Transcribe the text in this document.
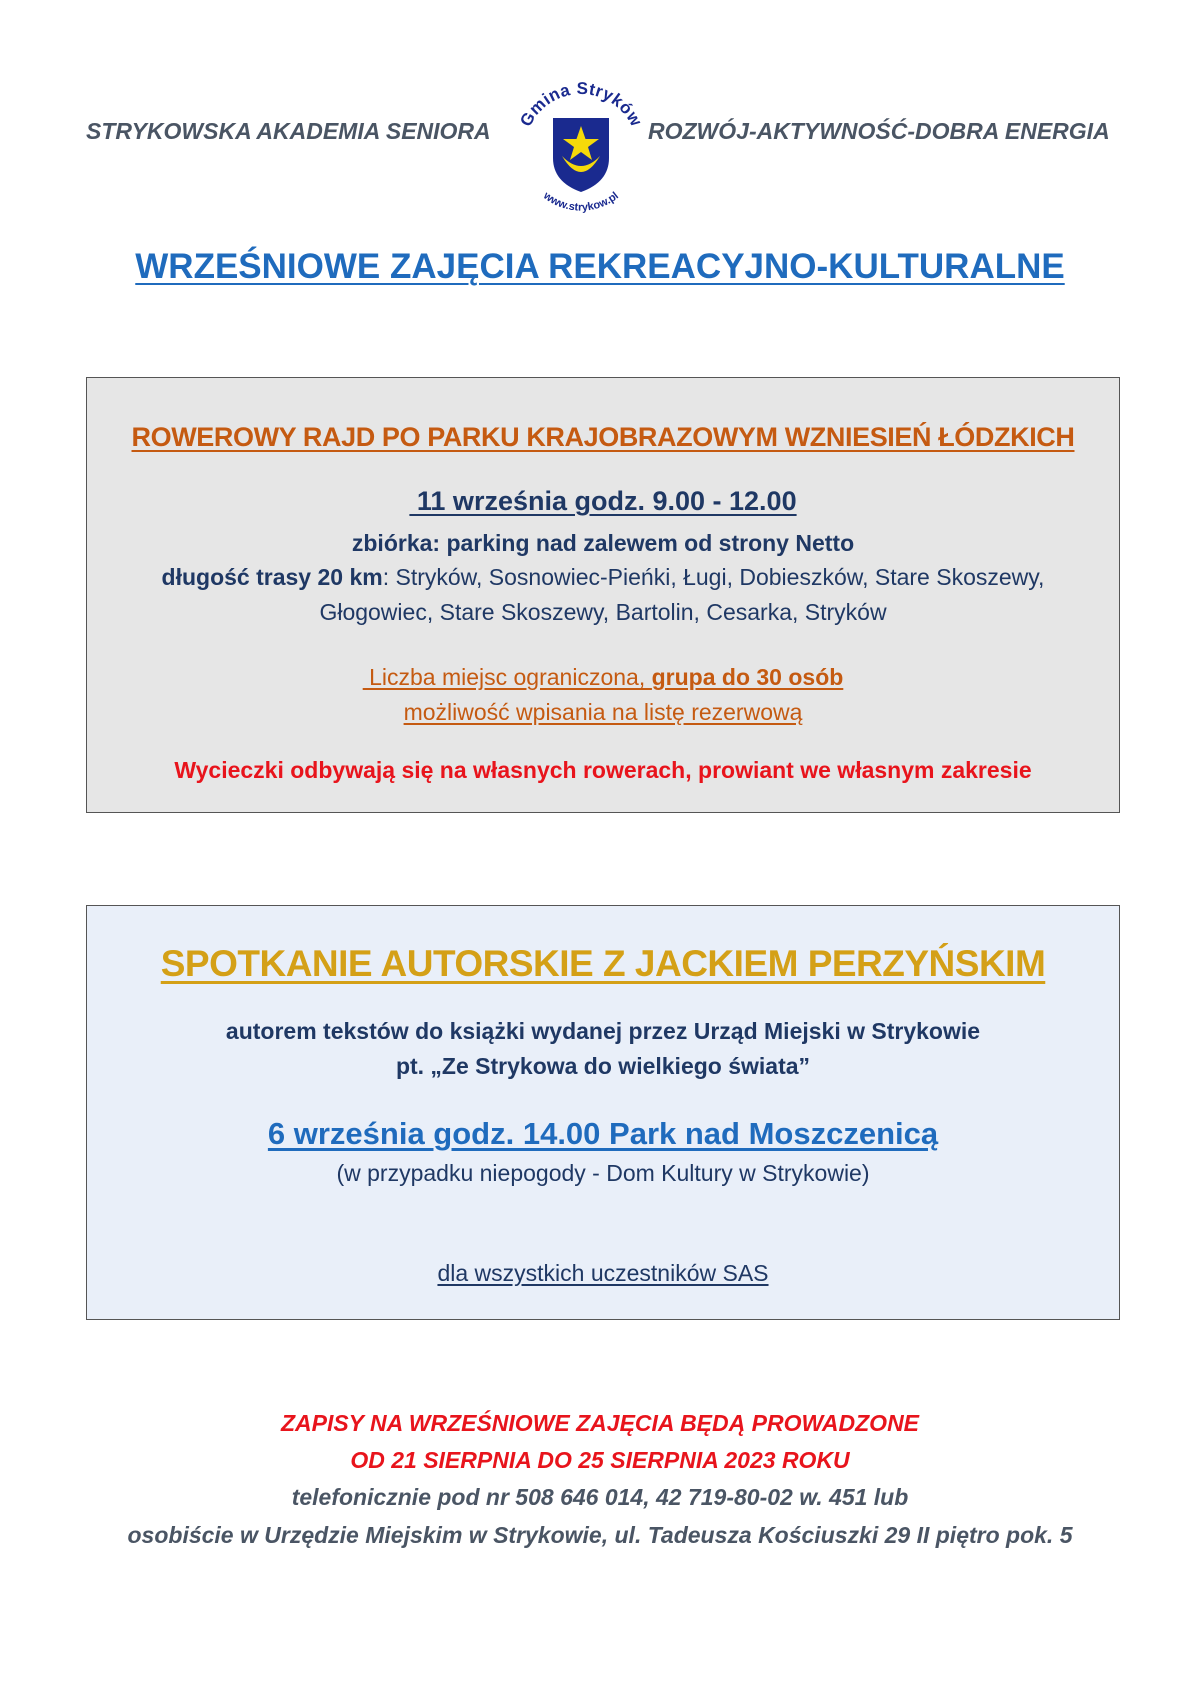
STRYKOWSKA AKADEMIA SENIORA Gmina Stryków
www.strykow.pl
ROZWÓJ-AKTYWNOŚĆ-DOBRA ENERGIA
WRZEŚNIOWE ZAJĘCIA REKREACYJNO-KULTURALNE
ROWEROWY RAJD PO PARKU KRAJOBRAZOWYM WZNIESIEŃ ŁÓDZKICH
11 września godz. 9.00 - 12.00
zbiórka: parking nad zalewem od strony Netto
długość trasy 20 km: Stryków, Sosnowiec-Pieńki, Ługi, Dobieszków, Stare Skoszewy,
Głogowiec, Stare Skoszewy, Bartolin, Cesarka, Stryków
Liczba miejsc ograniczona, grupa do 30 osób
możliwość wpisania na listę rezerwową
Wycieczki odbywają się na własnych rowerach, prowiant we własnym zakresie
SPOTKANIE AUTORSKIE Z JACKIEM PERZYŃSKIM
autorem tekstów do książki wydanej przez Urząd Miejski w Strykowie
pt. „Ze Strykowa do wielkiego świata”
6 września godz. 14.00 Park nad Moszczenicą
(w przypadku niepogody - Dom Kultury w Strykowie)
dla wszystkich uczestników SAS
ZAPISY NA WRZEŚNIOWE ZAJĘCIA BĘDĄ PROWADZONE
OD 21 SIERPNIA DO 25 SIERPNIA 2023 ROKU
telefonicznie pod nr 508 646 014, 42 719-80-02 w. 451 lub
osobiście w Urzędzie Miejskim w Strykowie, ul. Tadeusza Kościuszki 29 II piętro pok. 5
